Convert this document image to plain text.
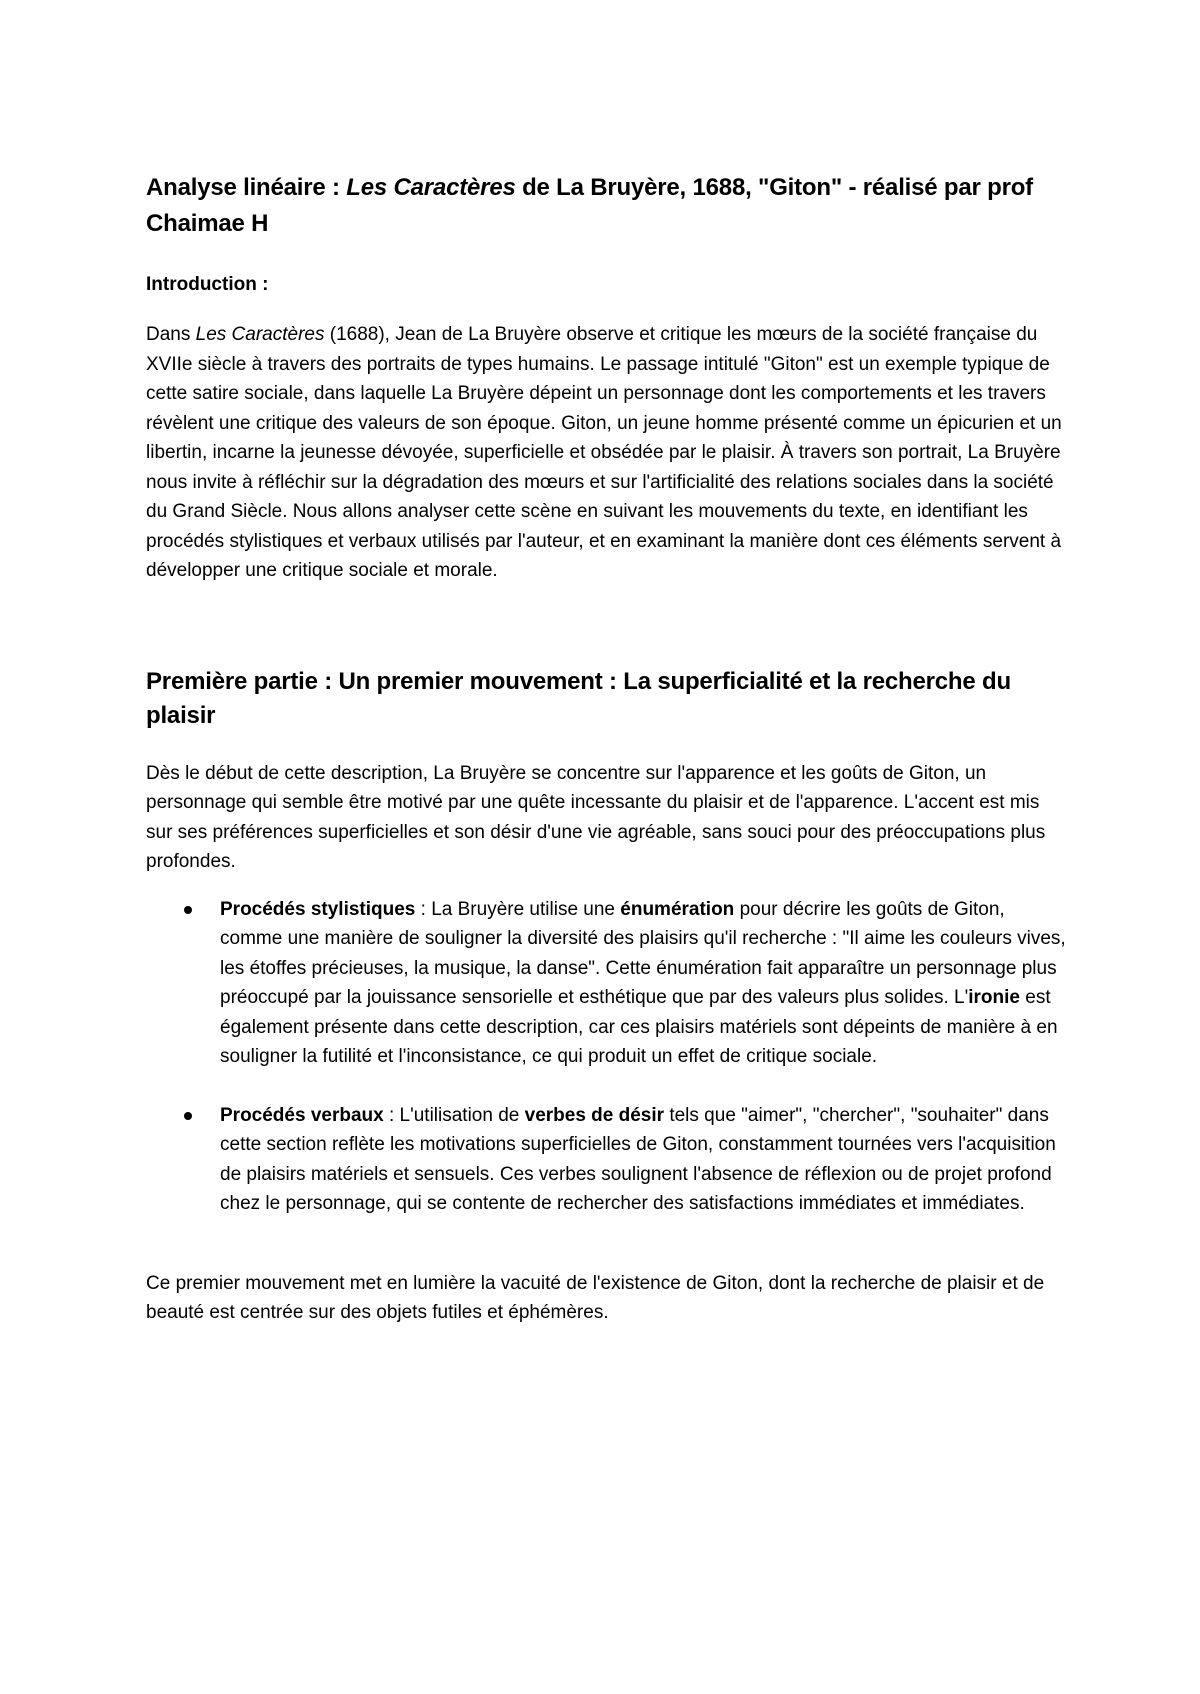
Analyse linéaire : Les Caractères de La Bruyère, 1688, "Giton" - réalisé par prof Chaimae H
Introduction :

Dans Les Caractères (1688), Jean de La Bruyère observe et critique les mœurs de la société française du XVIIe siècle à travers des portraits de types humains. Le passage intitulé "Giton" est un exemple typique de cette satire sociale, dans laquelle La Bruyère dépeint un personnage dont les comportements et les travers révèlent une critique des valeurs de son époque. Giton, un jeune homme présenté comme un épicurien et un libertin, incarne la jeunesse dévoyée, superficielle et obsédée par le plaisir. À travers son portrait, La Bruyère nous invite à réfléchir sur la dégradation des mœurs et sur l'artificialité des relations sociales dans la société du Grand Siècle. Nous allons analyser cette scène en suivant les mouvements du texte, en identifiant les procédés stylistiques et verbaux utilisés par l'auteur, et en examinant la manière dont ces éléments servent à développer une critique sociale et morale.

Première partie : Un premier mouvement : La superficialité et la recherche du plaisir

Dès le début de cette description, La Bruyère se concentre sur l'apparence et les goûts de Giton, un personnage qui semble être motivé par une quête incessante du plaisir et de l'apparence. L'accent est mis sur ses préférences superficielles et son désir d'une vie agréable, sans souci pour des préoccupations plus profondes.

Procédés stylistiques : La Bruyère utilise une énumération pour décrire les goûts de Giton, comme une manière de souligner la diversité des plaisirs qu'il recherche : "Il aime les couleurs vives, les étoffes précieuses, la musique, la danse". Cette énumération fait apparaître un personnage plus préoccupé par la jouissance sensorielle et esthétique que par des valeurs plus solides. L'ironie est également présente dans cette description, car ces plaisirs matériels sont dépeints de manière à en souligner la futilité et l'inconsistance, ce qui produit un effet de critique sociale.
Procédés verbaux : L'utilisation de verbes de désir tels que "aimer", "chercher", "souhaiter" dans cette section reflète les motivations superficielles de Giton, constamment tournées vers l'acquisition de plaisirs matériels et sensuels. Ces verbes soulignent l'absence de réflexion ou de projet profond chez le personnage, qui se contente de rechercher des satisfactions immédiates et immédiates.

Ce premier mouvement met en lumière la vacuité de l'existence de Giton, dont la recherche de plaisir et de beauté est centrée sur des objets futiles et éphémères.
